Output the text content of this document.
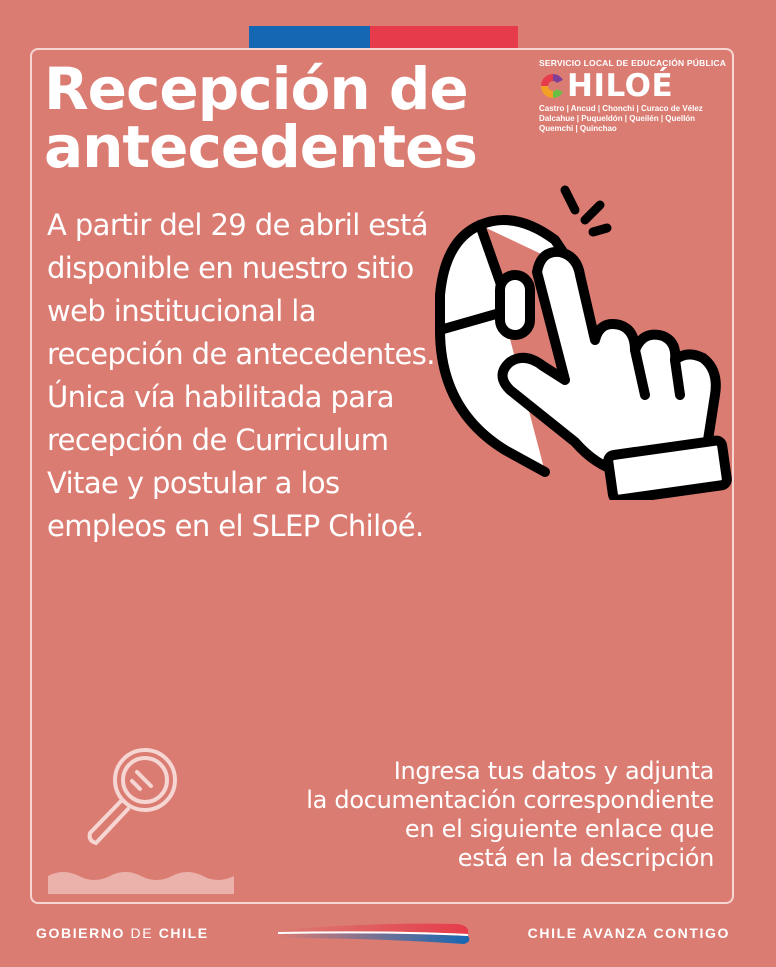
Recepción de antecedentes
SERVICIO LOCAL DE EDUCACIÓN PÚBLICA
HILOÉ
Castro | Ancud | Chonchi | Curaco de Vélez Dalcahue | Puqueldón | Queilén | Quellón Quemchi | Quinchao

A partir del 29 de abril está disponible en nuestro sitio web institucional la recepción de antecedentes. Única vía habilitada para recepción de Curriculum Vitae y postular a los empleos en el SLEP Chiloé.

Ingresa tus datos y adjunta
la documentación correspondiente
en el siguiente enlace que
está en la descripción
GOBIERNO DE CHILE	CHILE AVANZA CONTIGO
